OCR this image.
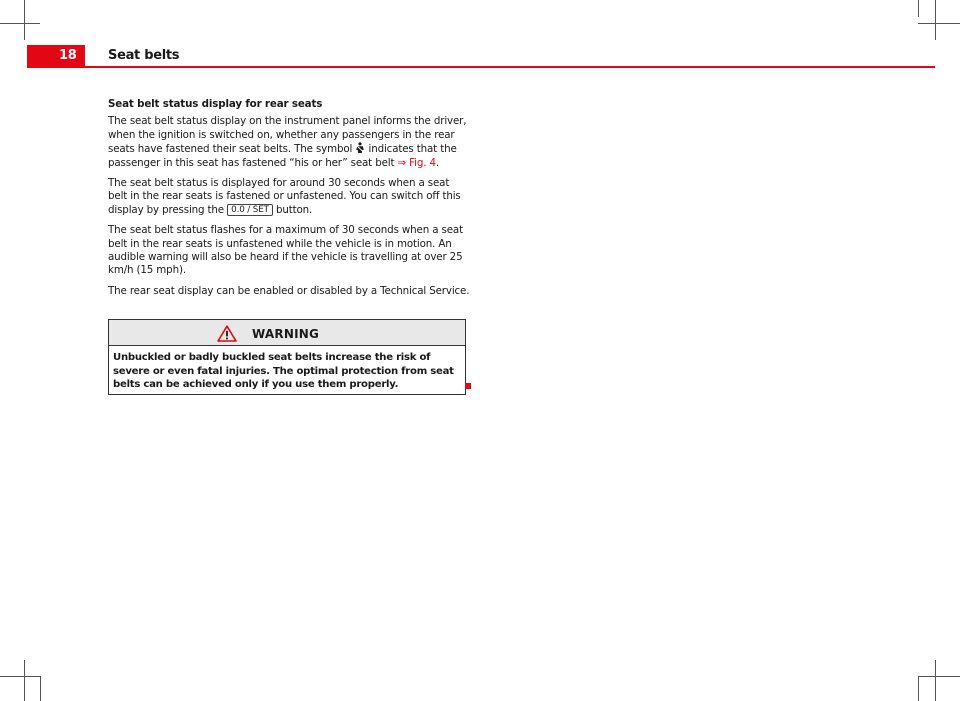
18	Seat belts
Seat belt status display for rear seats

The seat belt status display on the instrument panel informs the driver, when the ignition is switched on, whether any passengers in the rear seats have fastened their seat belts. The symbol  indicates that the passenger in this seat has fastened “his or her” seat belt ⇒ Fig. 4.

The seat belt status is displayed for around 30 seconds when a seat belt in the rear seats is fastened or unfastened. You can switch off this display by pressing the 0.0 / SET button.

The seat belt status flashes for a maximum of 30 seconds when a seat belt in the rear seats is unfastened while the vehicle is in motion. An audible warning will also be heard if the vehicle is travelling at over 25 km/h (15 mph).

The rear seat display can be enabled or disabled by a Technical Service.

WARNING
Unbuckled or badly buckled seat belts increase the risk of severe or even fatal injuries. The optimal protection from seat belts can be achieved only if you use them properly.
